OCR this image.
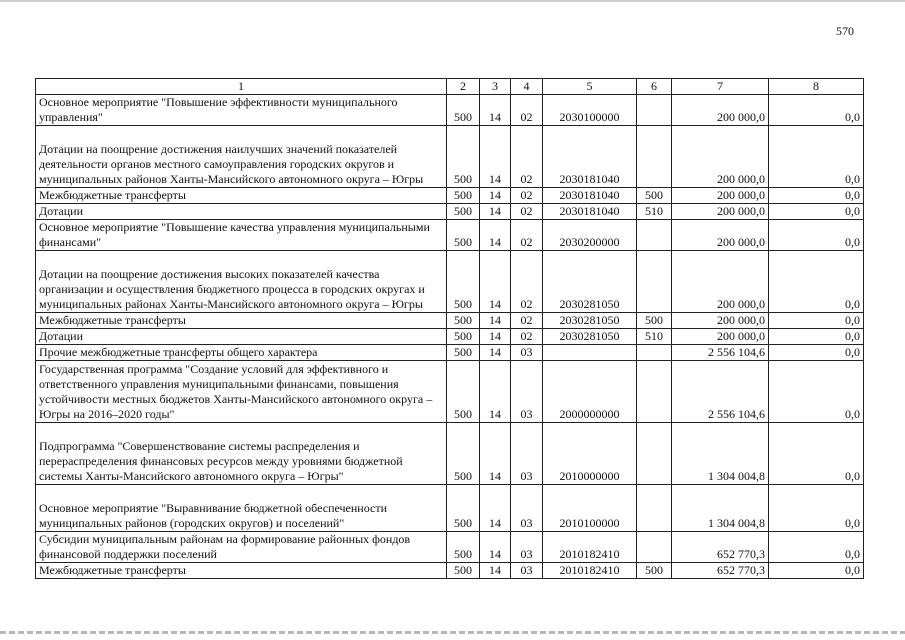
570
1	2	3	4	5	6	7	8
Основное мероприятие "Повышение эффективности муниципального управления"	500	14	02	2030100000		200 000,0	0,0
Дотации на поощрение достижения наилучших значений показателей деятельности органов местного самоуправления городских округов и муниципальных районов Ханты-Мансийского автономного округа – Югры	500	14	02	2030181040		200 000,0	0,0
Межбюджетные трансферты	500	14	02	2030181040	500	200 000,0	0,0
Дотации	500	14	02	2030181040	510	200 000,0	0,0
Основное мероприятие "Повышение качества управления муниципальными финансами"	500	14	02	2030200000		200 000,0	0,0
Дотации на поощрение достижения высоких показателей качества организации и осуществления бюджетного процесса в городских округах и муниципальных районах Ханты-Мансийского автономного округа – Югры	500	14	02	2030281050		200 000,0	0,0
Межбюджетные трансферты	500	14	02	2030281050	500	200 000,0	0,0
Дотации	500	14	02	2030281050	510	200 000,0	0,0
Прочие межбюджетные трансферты общего характера	500	14	03			2 556 104,6	0,0
Государственная программа "Создание условий для эффективного и ответственного управления муниципальными финансами, повышения устойчивости местных бюджетов Ханты-Мансийского автономного округа – Югры на 2016–2020 годы"	500	14	03	2000000000		2 556 104,6	0,0
Подпрограмма "Совершенствование системы распределения и перераспределения финансовых ресурсов между уровнями бюджетной системы Ханты-Мансийского автономного округа – Югры"	500	14	03	2010000000		1 304 004,8	0,0
Основное мероприятие "Выравнивание бюджетной обеспеченности муниципальных районов (городских округов) и поселений"	500	14	03	2010100000		1 304 004,8	0,0
Субсидии муниципальным районам на формирование районных фондов финансовой поддержки поселений	500	14	03	2010182410		652 770,3	0,0
Межбюджетные трансферты	500	14	03	2010182410	500	652 770,3	0,0
